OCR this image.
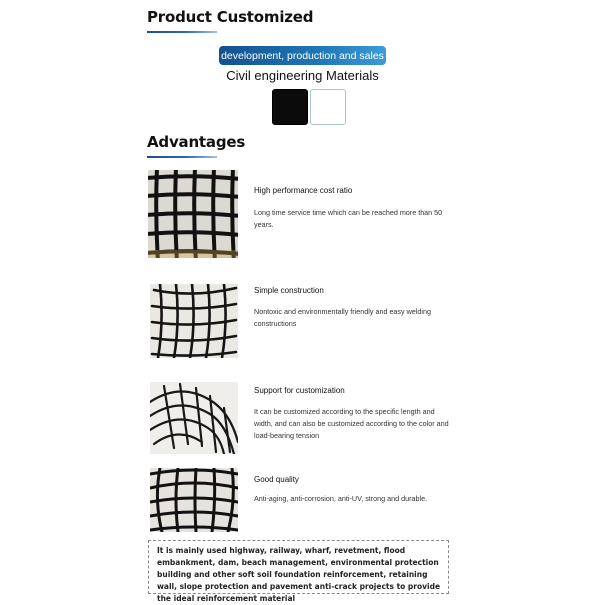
Product Customized
development, production and sales
Civil engineering Materials
Advantages
High performance cost ratio
Long time service time which can be reached more than 50 years.
Simple construction
Nontoxic and environmentally friendly and easy welding constructions
Support for customization
It can be customized according to the specific length and width, and can also be customized according to the color and load-bearing tension
Good quality
Anti-aging, anti-corrosion, anti-UV, strong and durable.
It is mainly used highway, railway, wharf, revetment, flood embankment, dam, beach management, environmental protection building and other soft soil foundation reinforcement, retaining wall, slope protection and pavement anti-crack projects to provide the ideal reinforcement material
